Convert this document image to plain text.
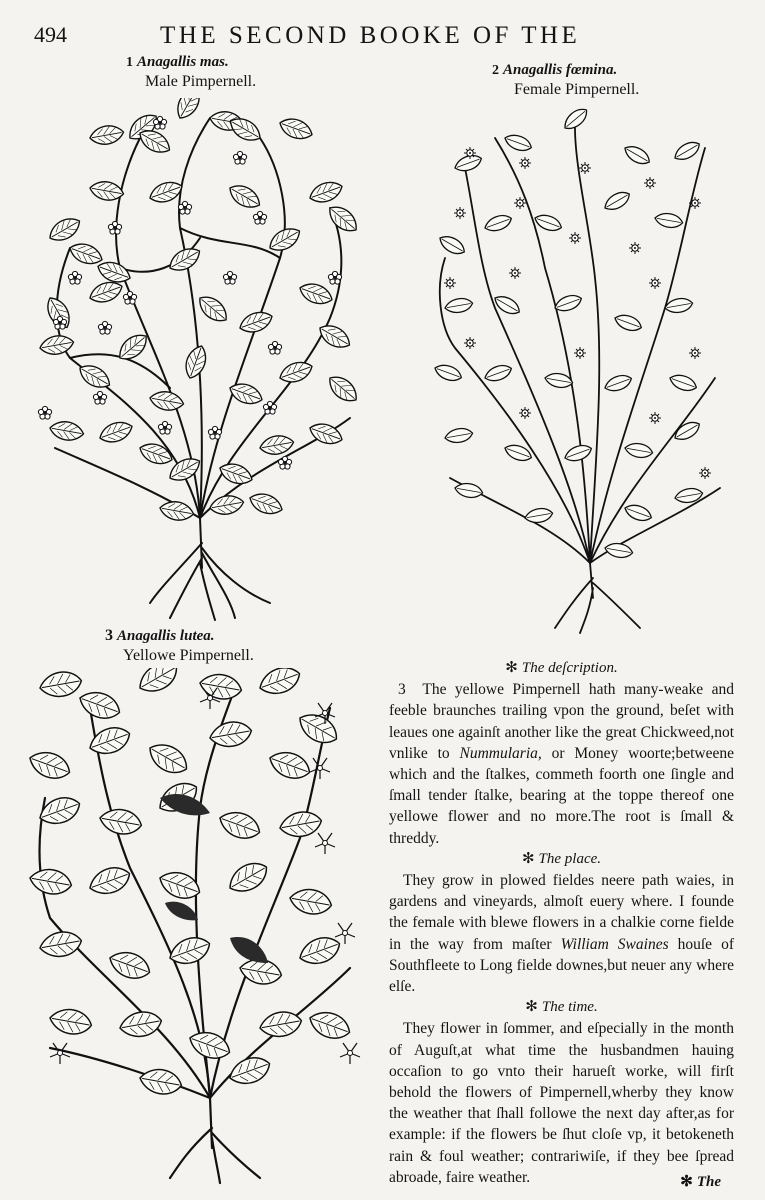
494	THE SECOND BOOKE OF THE
1 Anagallis mas.
Male Pimpernell.
2 Anagallis fœmina.
Female Pimpernell.
3 Anagallis lutea.
Yellowe Pimpernell.

✻ The deſcription.

3 The yellowe Pimpernell hath many-weake and feeble braunches trailing vpon the ground, beſet with leaues one againſt another like the great Chickweed,not vnlike to Nummularia, or Money woorte;betweene which and the ſtalkes, commeth foorth one ſingle and ſmall tender ſtalke, bearing at the toppe thereof one yellowe flower and no more.The root is ſmall & threddy.

✻ The place.

They grow in plowed fieldes neere path waies, in gardens and vineyards, almoſt euery where. I founde the female with blewe flowers in a chalkie corne fielde in the way from maſter William Swaines houſe of Southfleete to Long fielde downes,but neuer any where elſe.

✻ The time.

They flower in ſommer, and eſpecially in the month of Auguſt,at what time the husbandmen hauing occaſion to go vnto their harueſt worke, will firſt behold the flowers of Pimpernell,wherby they know the weather that ſhall followe the next day after,as for example: if the flowers be ſhut cloſe vp, it betokeneth rain & foul weather; contrariwiſe, if they bee ſpread abroade, faire weather.	✻ The
